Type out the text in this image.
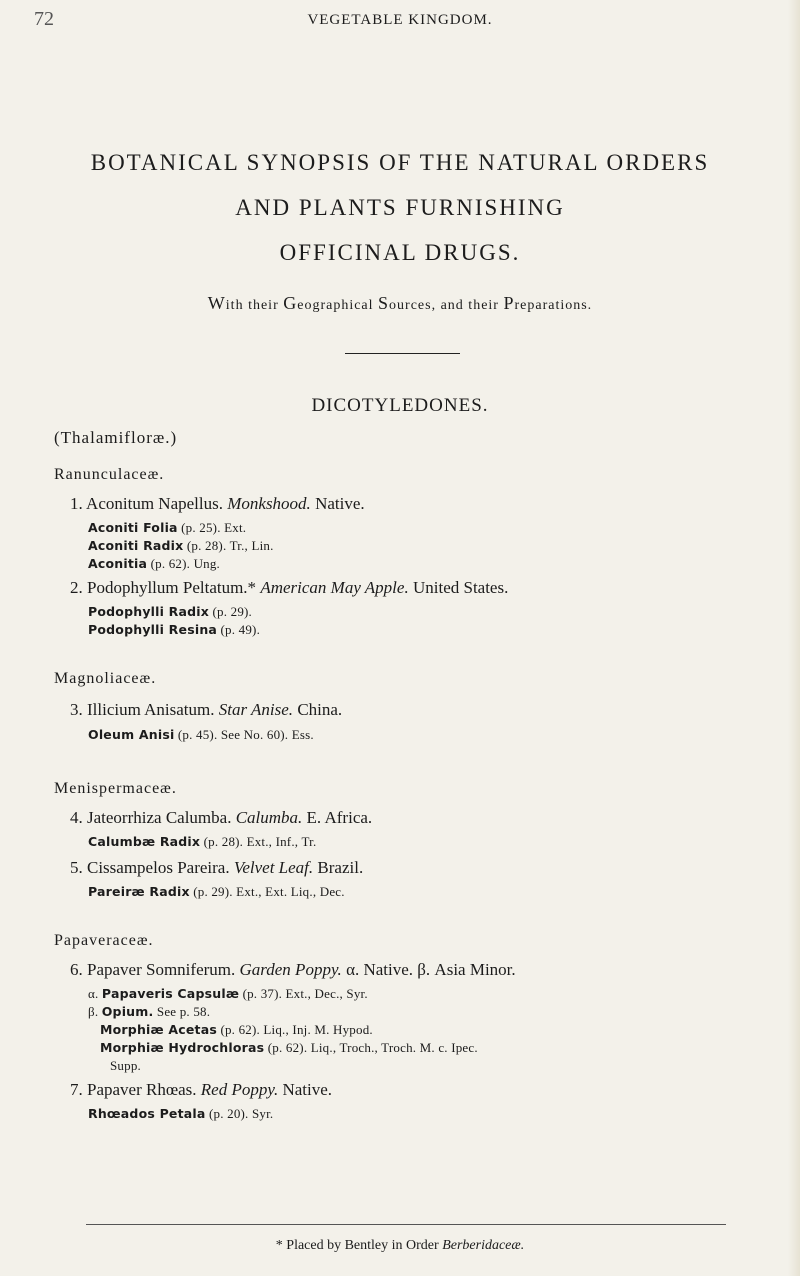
72	VEGETABLE KINGDOM.
BOTANICAL SYNOPSIS OF THE NATURAL ORDERS
AND PLANTS FURNISHING
OFFICINAL DRUGS.
With their Geographical Sources, and their Preparations.
DICOTYLEDONES.
(Thalamifloræ.)
Ranunculaceæ.
1. Aconitum Napellus. Monkshood. Native.
Aconiti Folia (p. 25). Ext.
Aconiti Radix (p. 28). Tr., Lin.
Aconitia (p. 62). Ung.
2. Podophyllum Peltatum.* American May Apple. United States.
Podophylli Radix (p. 29).
Podophylli Resina (p. 49).
Magnoliaceæ.
3. Illicium Anisatum. Star Anise. China.
Oleum Anisi (p. 45). See No. 60). Ess.
Menispermaceæ.
4. Jateorrhiza Calumba. Calumba. E. Africa.
Calumbæ Radix (p. 28). Ext., Inf., Tr.
5. Cissampelos Pareira. Velvet Leaf. Brazil.
Pareiræ Radix (p. 29). Ext., Ext. Liq., Dec.
Papaveraceæ.
6. Papaver Somniferum. Garden Poppy. α. Native. β. Asia Minor.
α. Papaveris Capsulæ (p. 37). Ext., Dec., Syr.
β. Opium. See p. 58.
Morphiæ Acetas (p. 62). Liq., Inj. M. Hypod.
Morphiæ Hydrochloras (p. 62). Liq., Troch., Troch. M. c. Ipec.
Supp.
7. Papaver Rhœas. Red Poppy. Native.
Rhœados Petala (p. 20). Syr.
* Placed by Bentley in Order Berberidaceæ.
